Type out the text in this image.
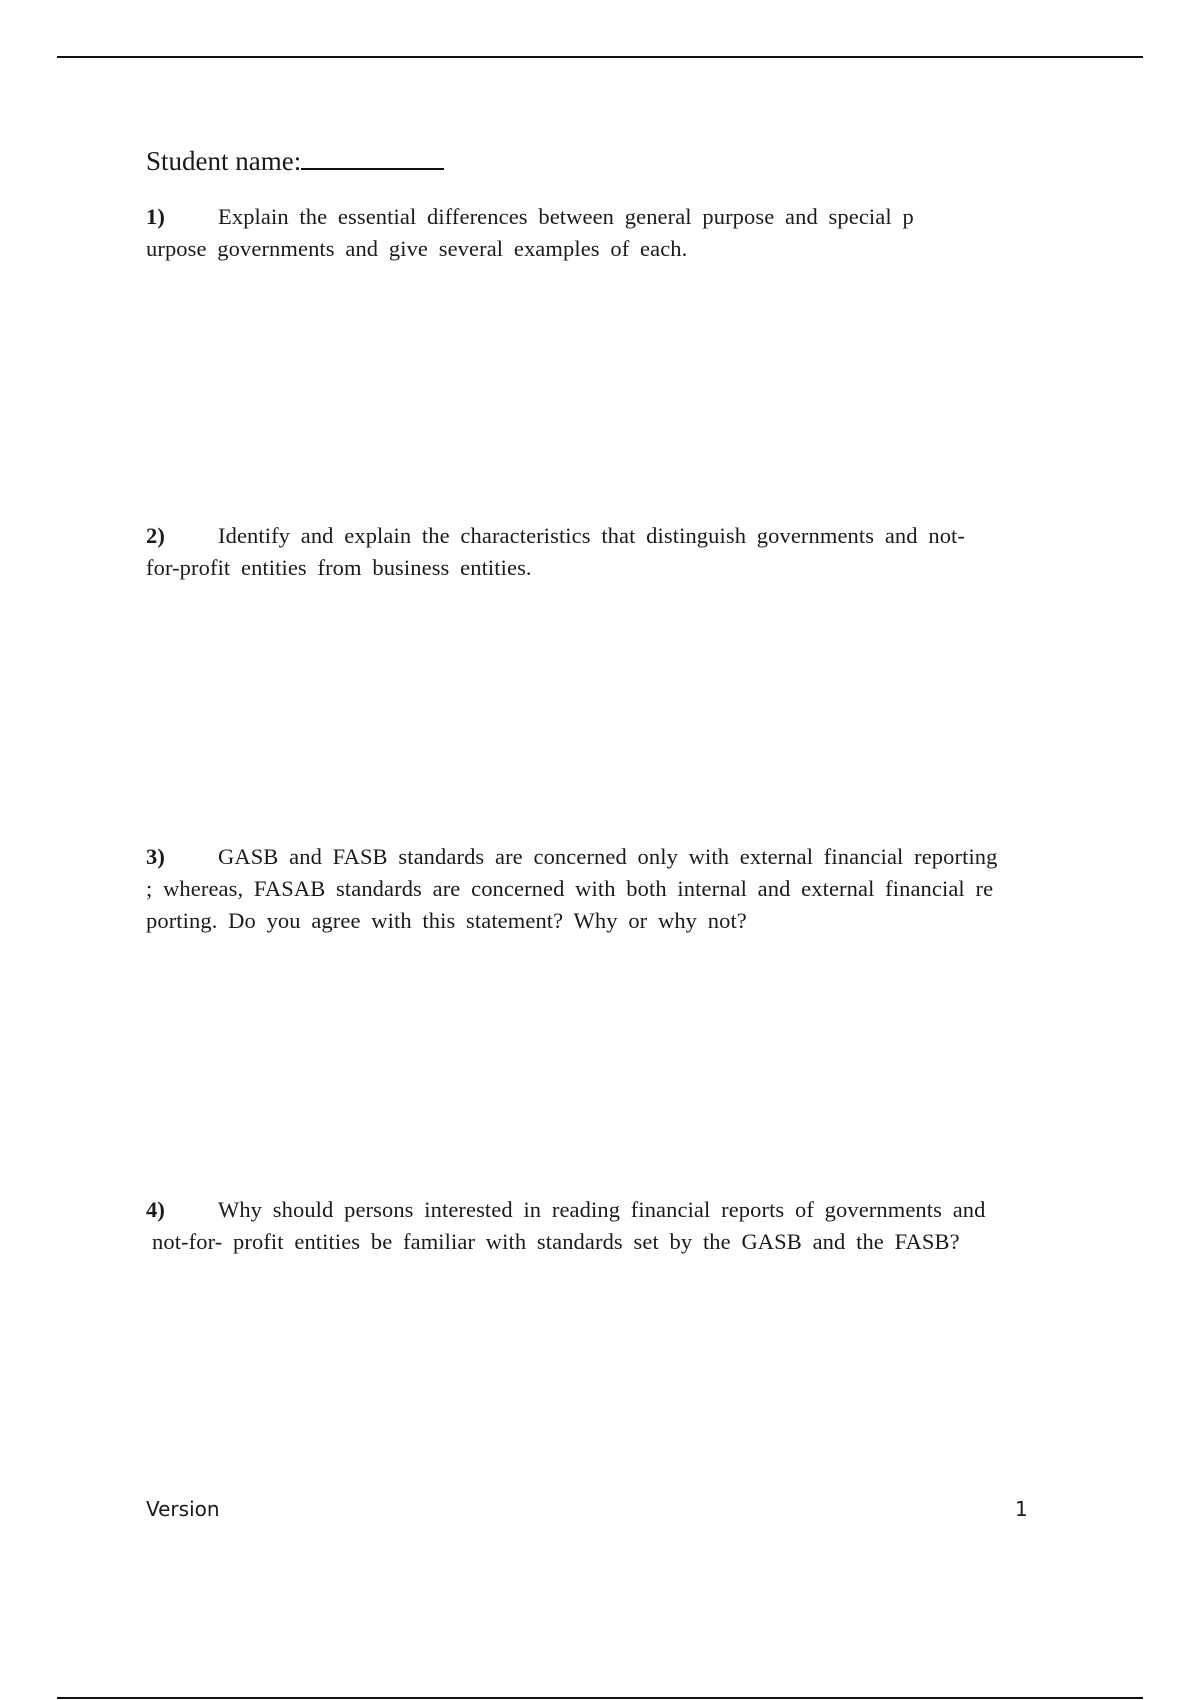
Student name:
1) Explain the essential differences between general purpose and special p
urpose governments and give several examples of each.
2) Identify and explain the characteristics that distinguish governments and not-
for-profit entities from business entities.
3) GASB and FASB standards are concerned only with external financial reporting
; whereas, FASAB standards are concerned with both internal and external financial re
porting. Do you agree with this statement? Why or why not?
4) Why should persons interested in reading financial reports of governments and
not-for- profit entities be familiar with standards set by the GASB and the FASB?
Version	1
